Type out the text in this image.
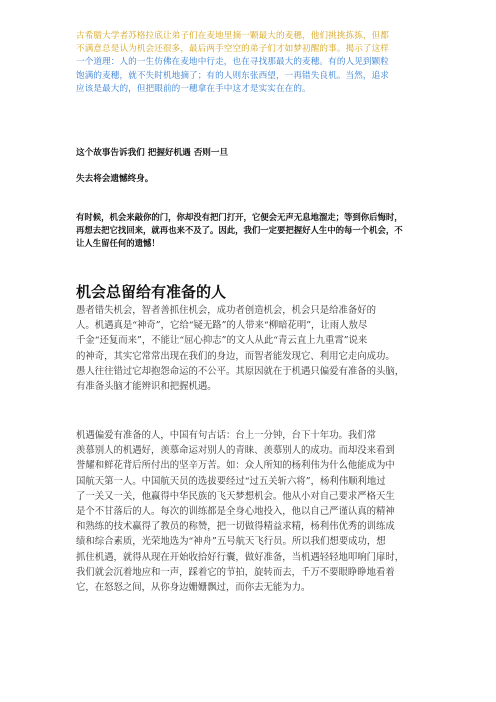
古希腊大学者苏格拉底让弟子们在麦地里摘一颗最大的麦穗，他们挑挑拣拣，但都
不满意总是认为机会还很多，最后两手空空的弟子们才如梦初醒的事。揭示了这样
一个道理：人的一生仿佛在麦地中行走，也在寻找那最大的麦穗。有的人见到颗粒
饱满的麦穗，就不失时机地摘了；有的人则东张西望，一再错失良机。当然，追求
应该是最大的，但把眼前的一穗拿在手中这才是实实在在的。
这个故事告诉我们 把握好机遇 否则一旦
失去将会遗憾终身。
有时候，机会来敲你的门，你却没有把门打开，它便会无声无息地溜走；等到你后悔时，
再想去把它找回来，就再也来不及了。因此，我们一定要把握好人生中的每一个机会，不
让人生留任何的遗憾！
机会总留给有准备的人
愚者错失机会，智者善抓住机会，成功者创造机会，机会只是给准备好的
人。机遇真是“神奇”，它给“疑无路”的人带来“柳暗花明”，让雨人敖尽
千金“还复而来”，不能让“屈心抑志”的文人从此“青云直上九重霄”说来
的神奇，其实它常常出现在我们的身边，而智者能发现它、利用它走向成功。
愚人往往错过它却抱怨命运的不公平。其原因就在于机遇只偏爱有准备的头脑，
有准备头脑才能辨识和把握机遇。
机遇偏爱有准备的人，中国有句古话：台上一分钟，台下十年功。我们常
羡慕别人的机遇好，羡慕命运对别人的青睐、羡慕别人的成功。而却没来看到
誉耀和鲜花背后所付出的坚辛万苦。如：众人所知的杨利伟为什么他能成为中
国航天第一人。中国航天员的选拔要经过“过五关斩六将”，杨利伟顺利地过
了一关又一关，他赢得中华民族的飞天梦想机会。他从小对自己要求严格天生
是个不甘落后的人。每次的训练都是全身心地投入，他以自己严谨认真的精神
和熟练的技术赢得了教员的称赞，把一切做得精益求精，杨利伟优秀的训练成
绩和综合素质，光荣地选为“神舟”五号航天飞行员。所以我们想要成功，想
抓住机遇，就得从现在开始收拾好行囊，做好准备，当机遇轻轻地叩响门扉时，
我们就会沉着地应和一声，踩着它的节拍，旋转而去，千万不要眼睁睁地看着
它，在怒怒之间，从你身边姗姗飘过，而你去无能为力。
